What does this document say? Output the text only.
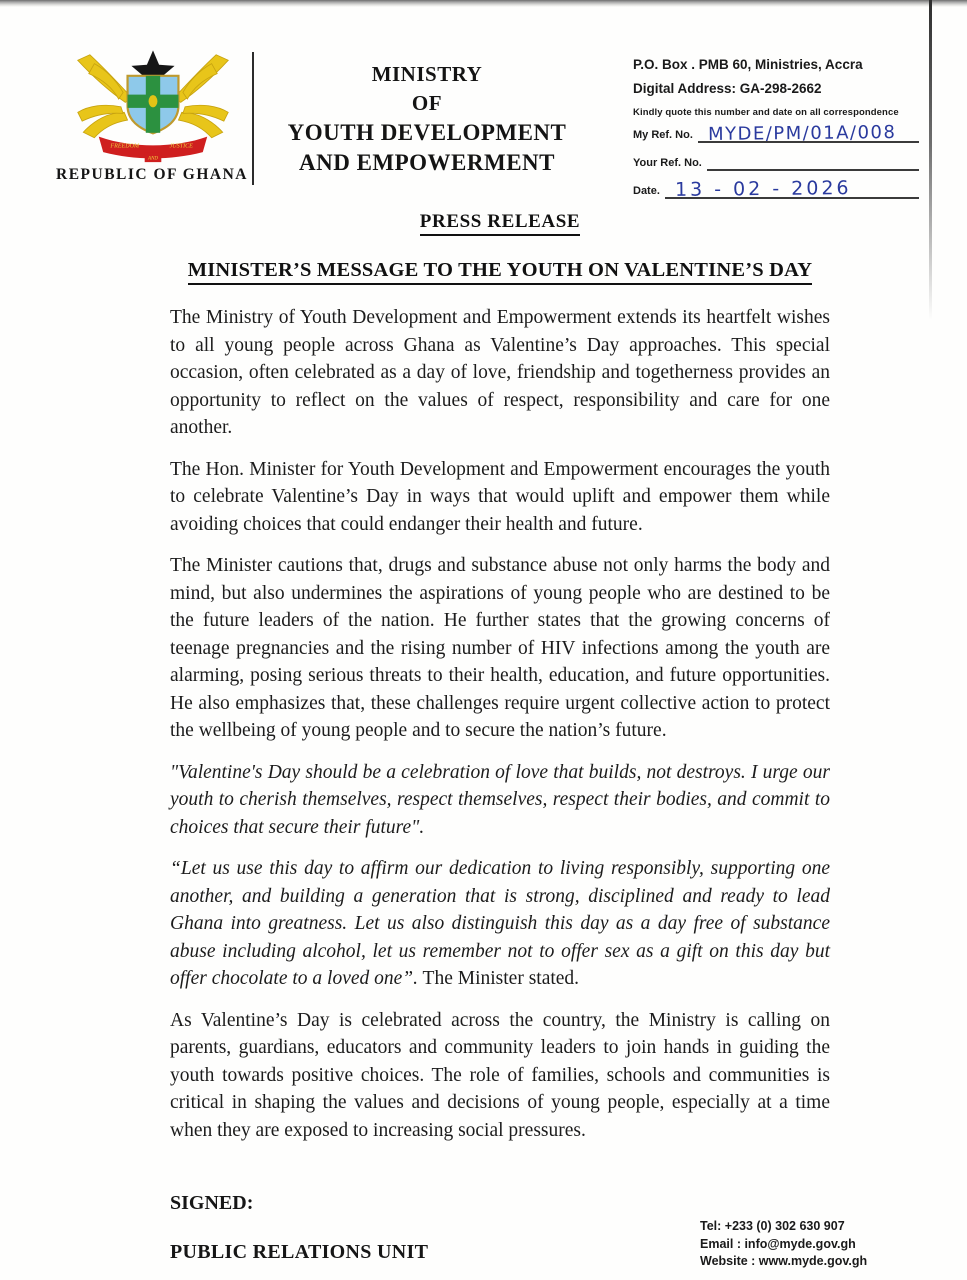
FREEDOM	JUSTICE
AND
REPUBLIC OF GHANA
MINISTRY
OF
YOUTH DEVELOPMENT
AND EMPOWERMENT
P.O. Box . PMB 60, Ministries, Accra
Digital Address: GA-298-2662
Kindly quote this number and date on all correspondence
My Ref. No. MYDE/PM/01A/008
Your Ref. No.
Date. 13 - 02 - 2026
PRESS RELEASE
MINISTER’S MESSAGE TO THE YOUTH ON VALENTINE’S DAY

The Ministry of Youth Development and Empowerment extends its heartfelt wishes to all young people across Ghana as Valentine’s Day approaches. This special occasion, often celebrated as a day of love, friendship and togetherness provides an opportunity to reflect on the values of respect, responsibility and care for one another.

The Hon. Minister for Youth Development and Empowerment encourages the youth to celebrate Valentine’s Day in ways that would uplift and empower them while avoiding choices that could endanger their health and future.

The Minister cautions that, drugs and substance abuse not only harms the body and mind, but also undermines the aspirations of young people who are destined to be the future leaders of the nation. He further states that the growing concerns of teenage pregnancies and the rising number of HIV infections among the youth are alarming, posing serious threats to their health, education, and future opportunities. He also emphasizes that, these challenges require urgent collective action to protect the wellbeing of young people and to secure the nation’s future.

"Valentine's Day should be a celebration of love that builds, not destroys. I urge our youth to cherish themselves, respect themselves, respect their bodies, and commit to choices that secure their future".

“Let us use this day to affirm our dedication to living responsibly, supporting one another, and building a generation that is strong, disciplined and ready to lead Ghana into greatness. Let us also distinguish this day as a day free of substance abuse including alcohol, let us remember not to offer sex as a gift on this day but offer chocolate to a loved one”. The Minister stated.

As Valentine’s Day is celebrated across the country, the Ministry is calling on parents, guardians, educators and community leaders to join hands in guiding the youth towards positive choices. The role of families, schools and communities is critical in shaping the values and decisions of young people, especially at a time when they are exposed to increasing social pressures.

SIGNED:
PUBLIC RELATIONS UNIT
Tel: +233 (0) 302 630 907
Email : info@myde.gov.gh
Website : www.myde.gov.gh
